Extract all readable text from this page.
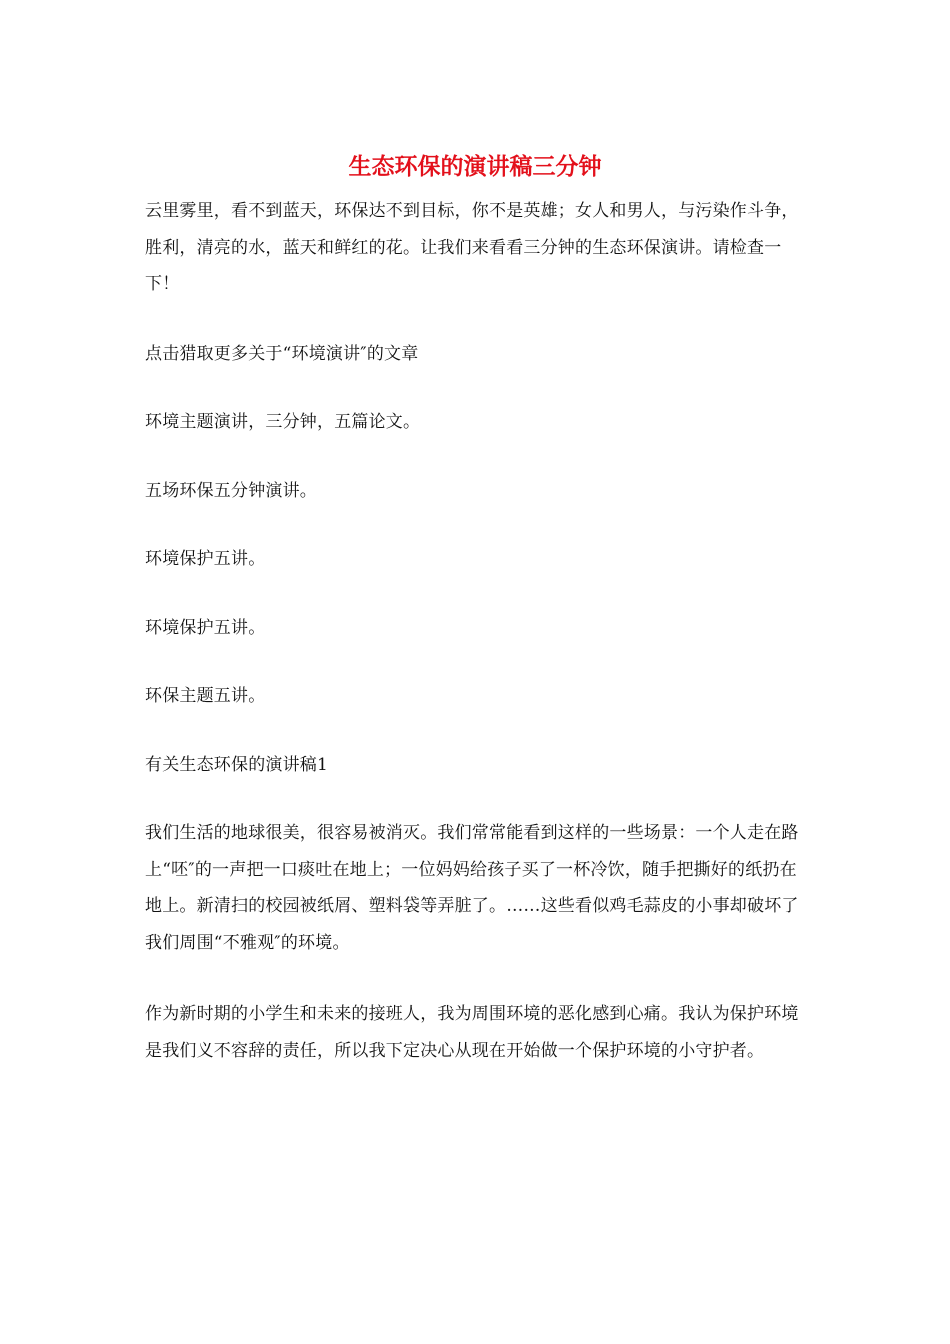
生态环保的演讲稿三分钟

云里雾里，看不到蓝天，环保达不到目标，你不是英雄；女人和男人，与污染作斗争，胜利，清亮的水，蓝天和鲜红的花。让我们来看看三分钟的生态环保演讲。请检查一下！

点击猎取更多关于“环境演讲″的文章

环境主题演讲，三分钟，五篇论文。

五场环保五分钟演讲。

环境保护五讲。

环境保护五讲。

环保主题五讲。

有关生态环保的演讲稿1

我们生活的地球很美，很容易被消灭。我们常常能看到这样的一些场景：一个人走在路上“呸″的一声把一口痰吐在地上；一位妈妈给孩子买了一杯冷饮，随手把撕好的纸扔在地上。新清扫的校园被纸屑、塑料袋等弄脏了。……这些看似鸡毛蒜皮的小事却破坏了我们周围“不雅观″的环境。

作为新时期的小学生和未来的接班人，我为周围环境的恶化感到心痛。我认为保护环境是我们义不容辞的责任，所以我下定决心从现在开始做一个保护环境的小守护者。
